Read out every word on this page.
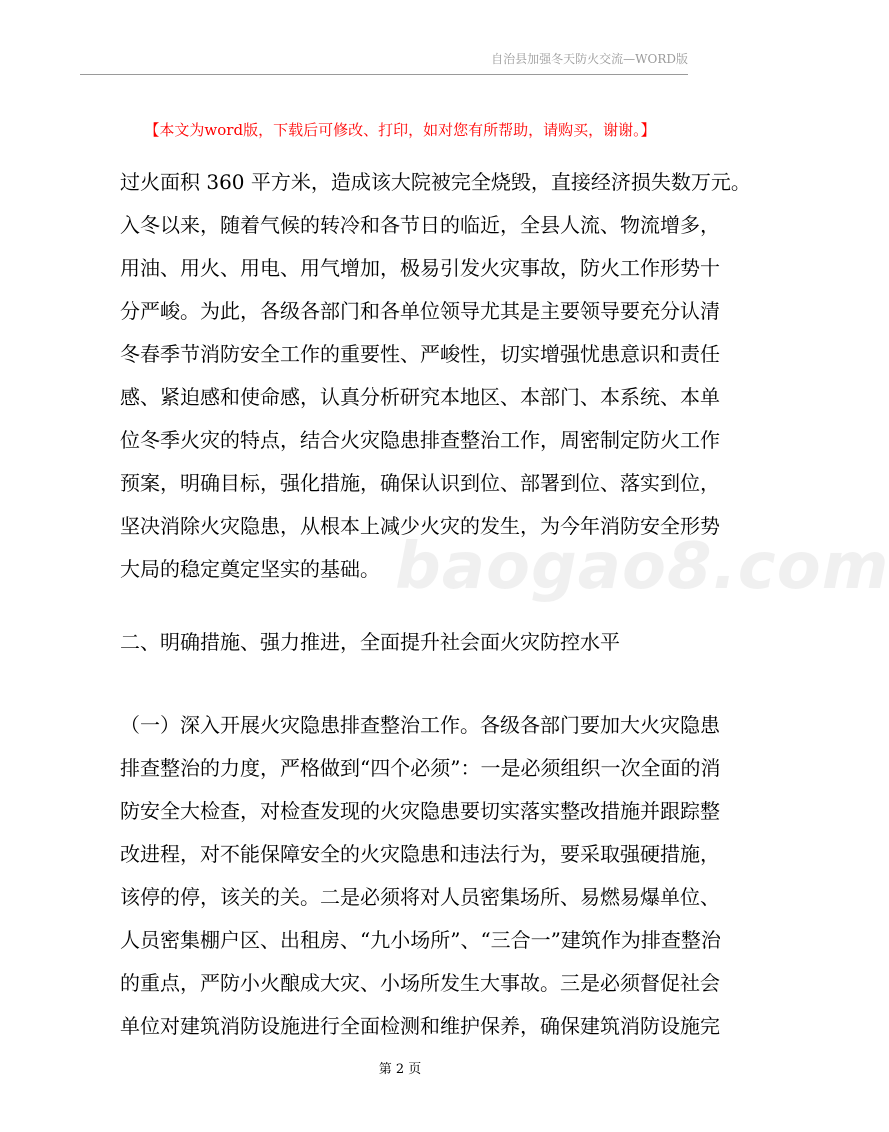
自治县加强冬天防火交流—WORD版
【本文为word版，下载后可修改、打印，如对您有所帮助，请购买，谢谢。】
baogao8.com
过火面积 360 平方米，造成该大院被完全烧毁，直接经济损失数万元。
入冬以来，随着气候的转冷和各节日的临近，全县人流、物流增多，
用油、用火、用电、用气增加，极易引发火灾事故，防火工作形势十
分严峻。为此，各级各部门和各单位领导尤其是主要领导要充分认清
冬春季节消防安全工作的重要性、严峻性，切实增强忧患意识和责任
感、紧迫感和使命感，认真分析研究本地区、本部门、本系统、本单
位冬季火灾的特点，结合火灾隐患排查整治工作，周密制定防火工作
预案，明确目标，强化措施，确保认识到位、部署到位、落实到位，
坚决消除火灾隐患，从根本上减少火灾的发生，为今年消防安全形势
大局的稳定奠定坚实的基础。
二、明确措施、强力推进，全面提升社会面火灾防控水平
（一）深入开展火灾隐患排查整治工作。各级各部门要加大火灾隐患
排查整治的力度，严格做到“四个必须”：一是必须组织一次全面的消
防安全大检查，对检查发现的火灾隐患要切实落实整改措施并跟踪整
改进程，对不能保障安全的火灾隐患和违法行为，要采取强硬措施，
该停的停，该关的关。二是必须将对人员密集场所、易燃易爆单位、
人员密集棚户区、出租房、“九小场所”、“三合一”建筑作为排查整治
的重点，严防小火酿成大灾、小场所发生大事故。三是必须督促社会
单位对建筑消防设施进行全面检测和维护保养，确保建筑消防设施完
第 2 页
